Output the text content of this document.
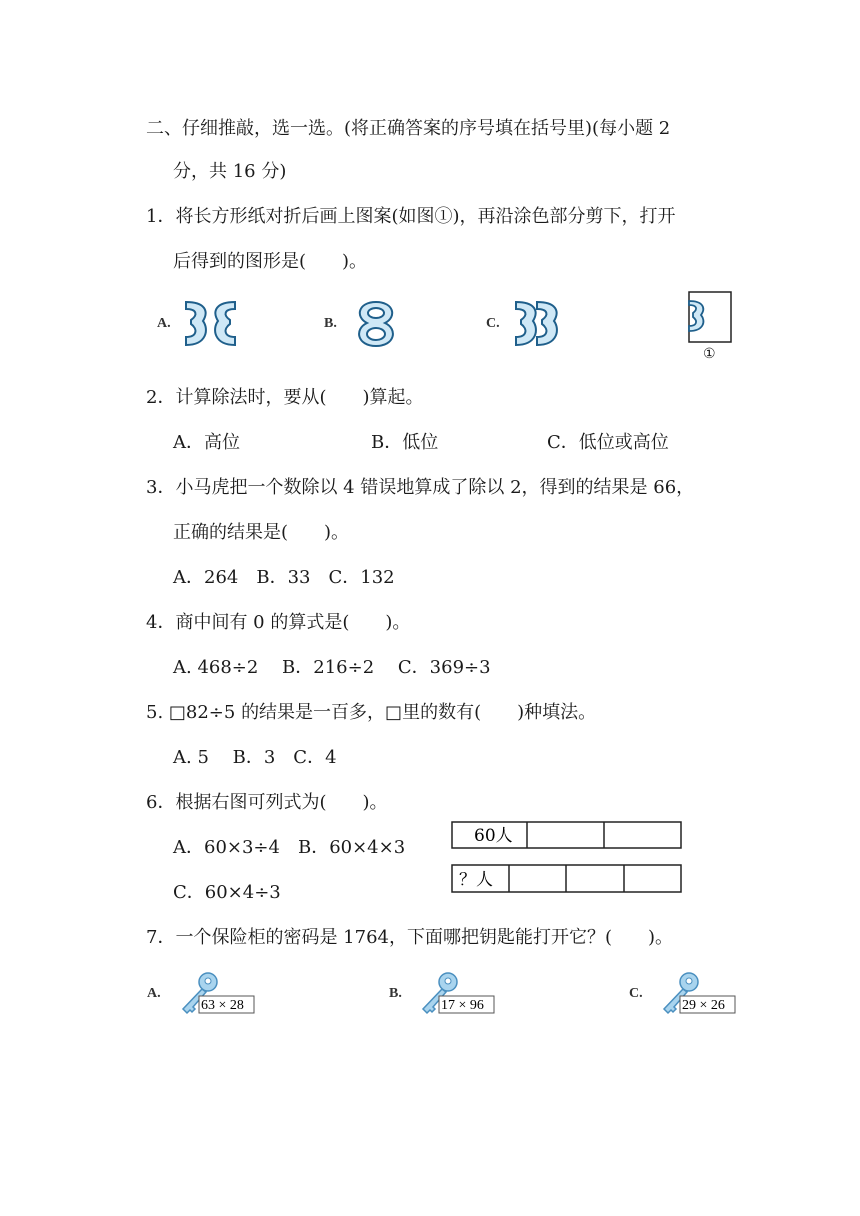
二、仔细推敲，选一选。(将正确答案的序号填在括号里)(每小题 2
分，共 16 分)
1．将长方形纸对折后画上图案(如图①)，再沿涂色部分剪下，打开
后得到的图形是(　　)。
A.	B.	C.
①
2．计算除法时，要从(　　)算起。
A．高位	B．低位	C．低位或高位
3．小马虎把一个数除以 4 错误地算成了除以 2，得到的结果是 66，
正确的结果是(　　)。
A．264　B．33　C．132
4．商中间有 0 的算式是(　　)。
A. 468÷2　 B．216÷2　 C．369÷3
5. □82÷5 的结果是一百多，□里的数有(　　)种填法。
A. 5　 B．3　C．4
6．根据右图可列式为(　　)。
A．60×3÷4　B．60×4×3
C．60×4÷3
60人
？人
7．一个保险柜的密码是 1764，下面哪把钥匙能打开它？(　　)。
A.
63 × 28
B.
17 × 96
C.
29 × 26
